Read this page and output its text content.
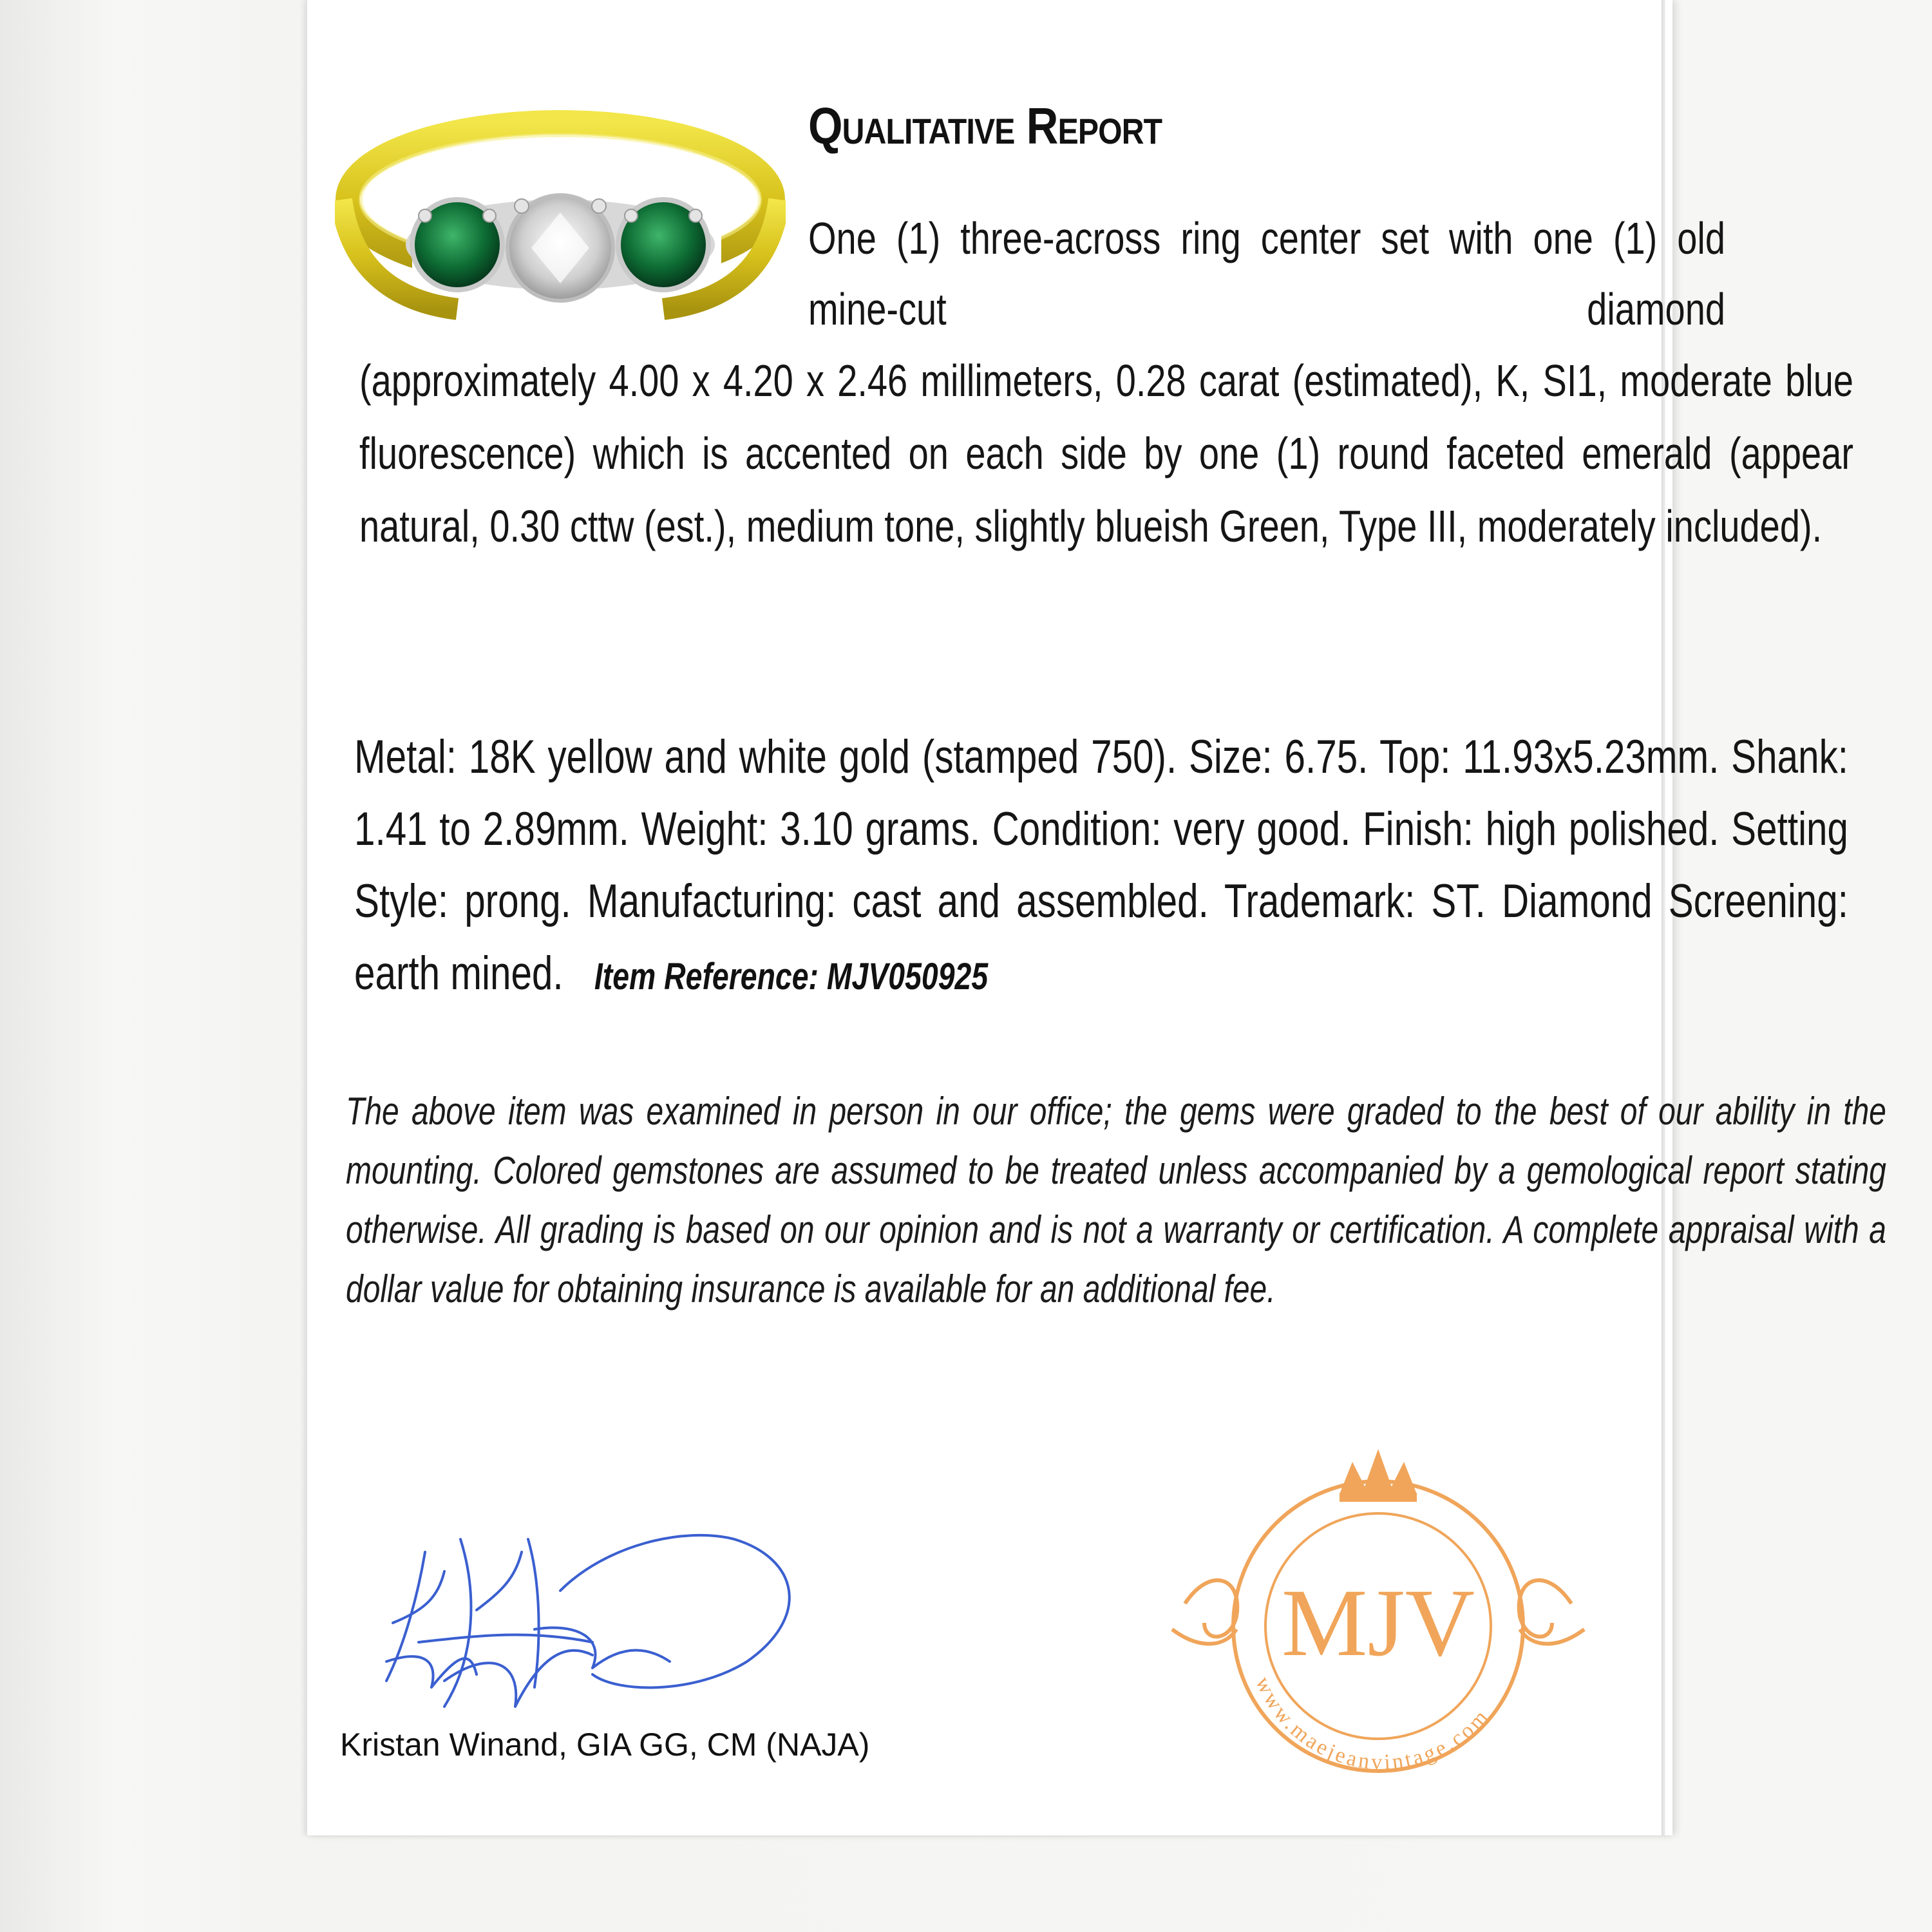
Qualitative Report
One (1) three-across ring center set with one (1) old mine-cut diamond
(approximately 4.00 x 4.20 x 2.46 millimeters, 0.28 carat (estimated), K, SI1, moderate blue fluorescence) which is accented on each side by one (1) round faceted emerald (appear natural, 0.30 cttw (est.), medium tone, slightly blueish Green, Type III, moderately included).
Metal: 18K yellow and white gold (stamped 750). Size: 6.75. Top: 11.93x5.23mm. Shank: 1.41 to 2.89mm. Weight: 3.10 grams. Condition: very good. Finish: high polished. Setting Style: prong. Manufacturing: cast and assembled. Trademark: ST. Diamond Screening: earth mined. Item Reference: MJV050925
The above item was examined in person in our office; the gems were graded to the best of our ability in the mounting. Colored gemstones are assumed to be treated unless accompanied by a gemological report stating otherwise. All grading is based on our opinion and is not a warranty or certification. A complete appraisal with a dollar value for obtaining insurance is available for an additional fee.
Kristan Winand, GIA GG, CM (NAJA)
MJV
www.maejeanvintage.com
